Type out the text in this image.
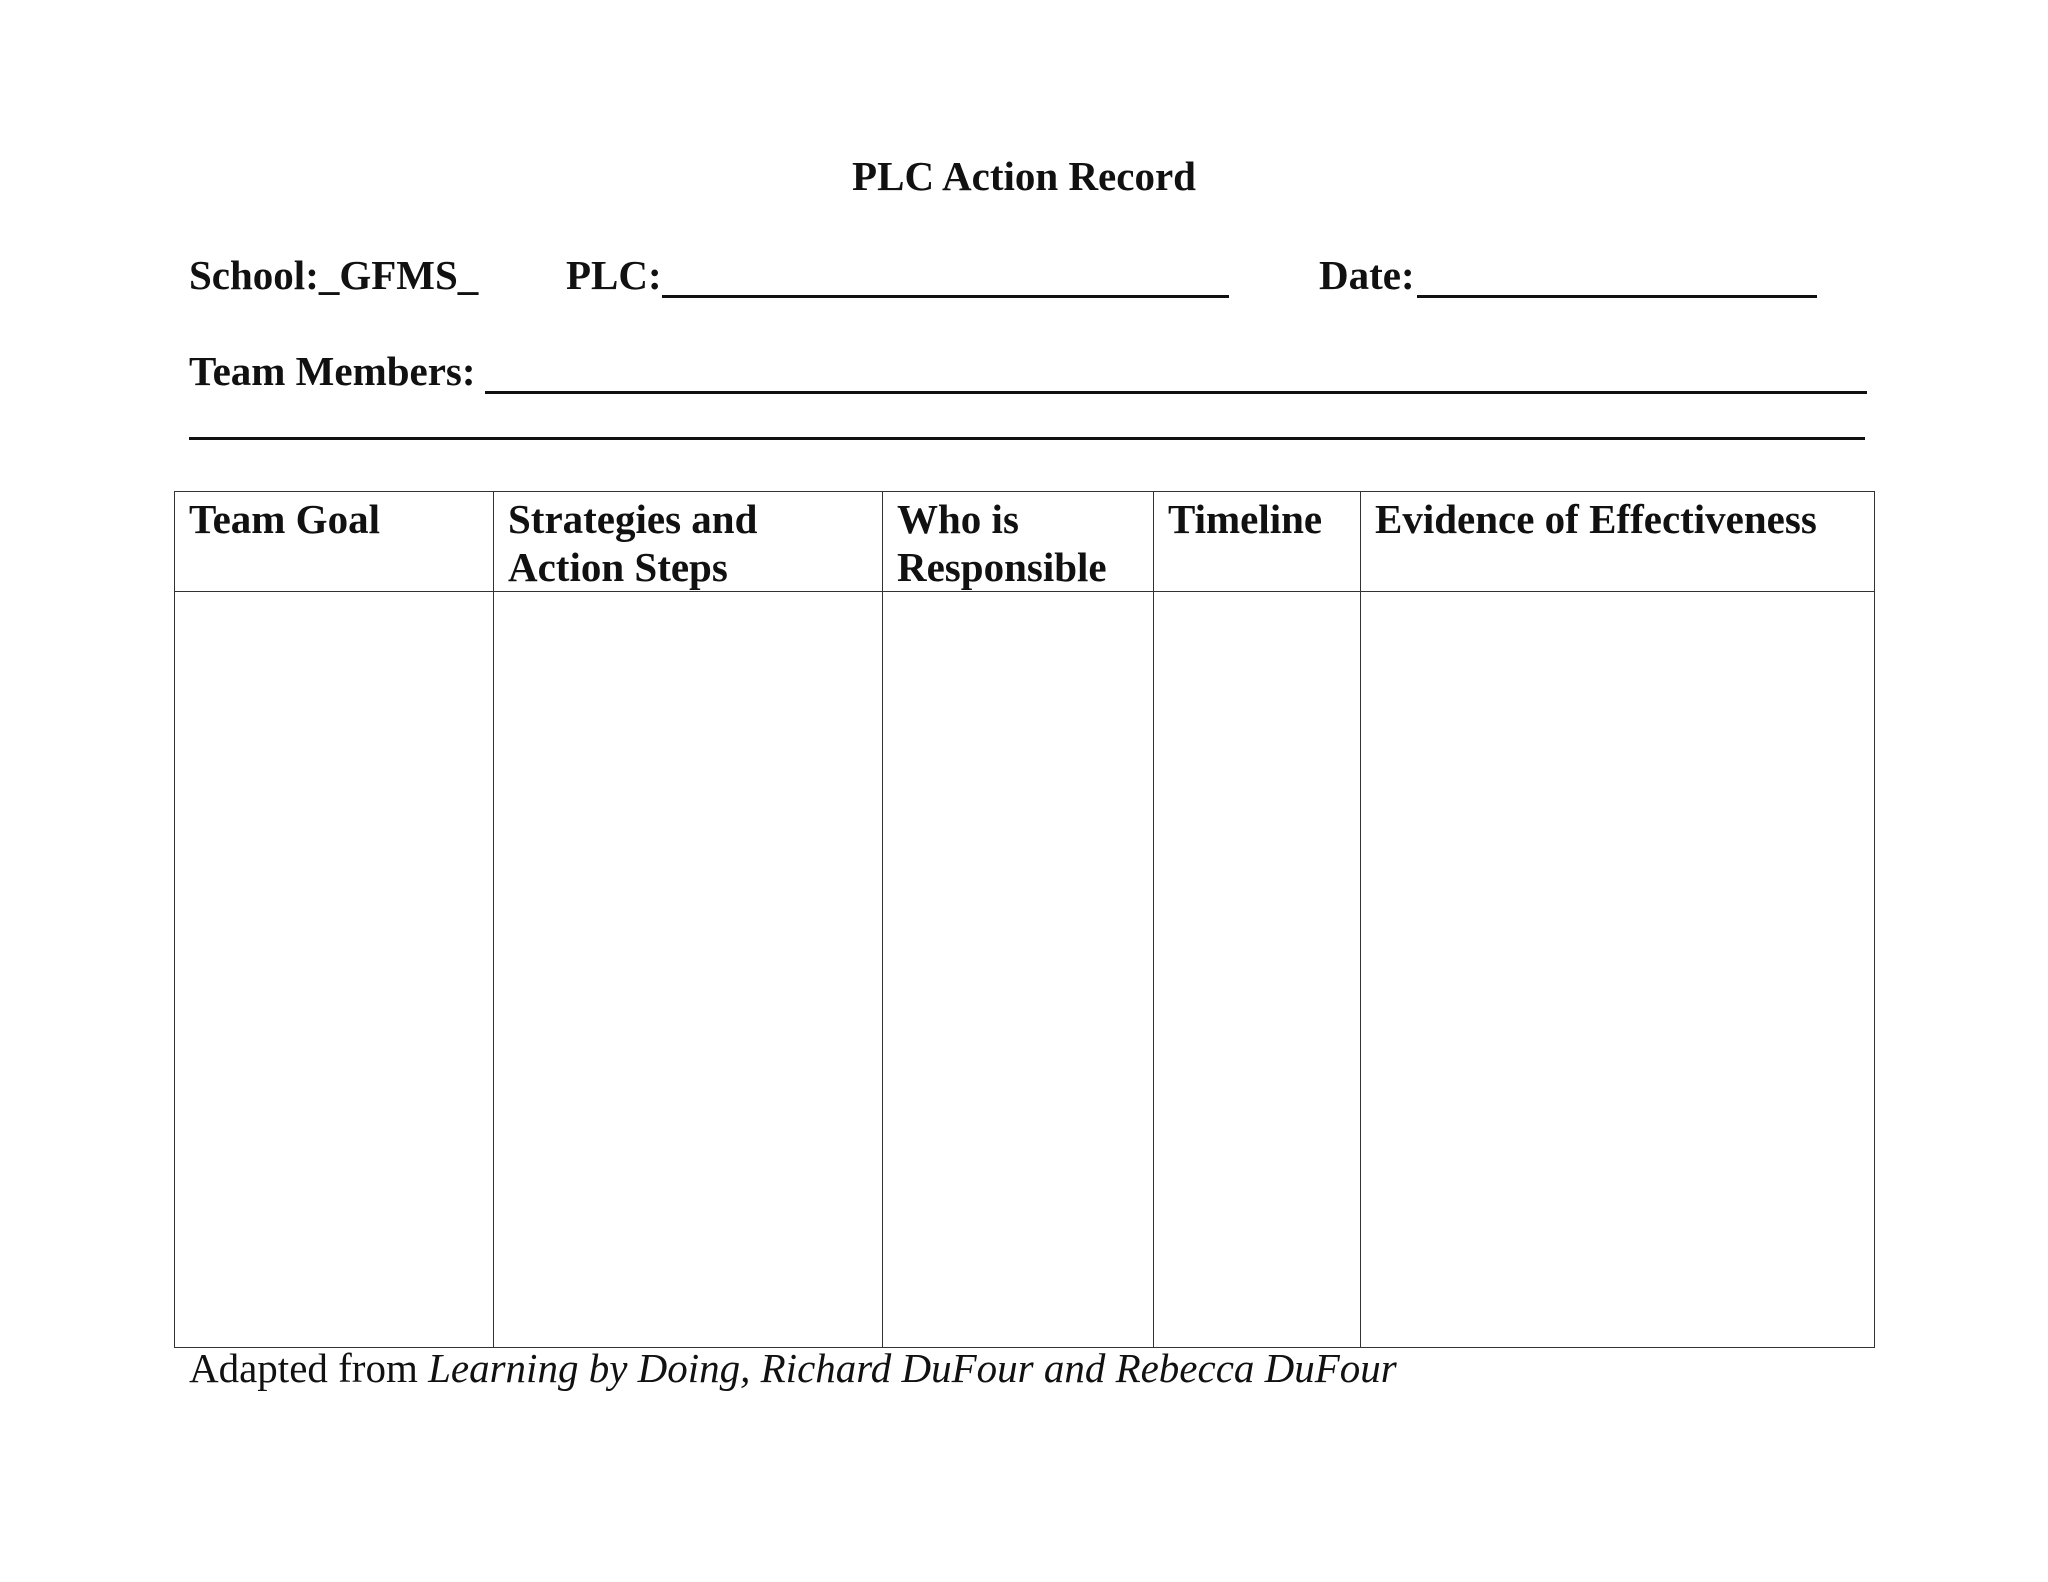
PLC Action Record
School:_GFMS_ PLC:	Date:
Team Members:
Team Goal	Strategies and Action Steps	Who is Responsible	Timeline	Evidence of Effectiveness

Adapted from Learning by Doing, Richard DuFour and Rebecca DuFour
